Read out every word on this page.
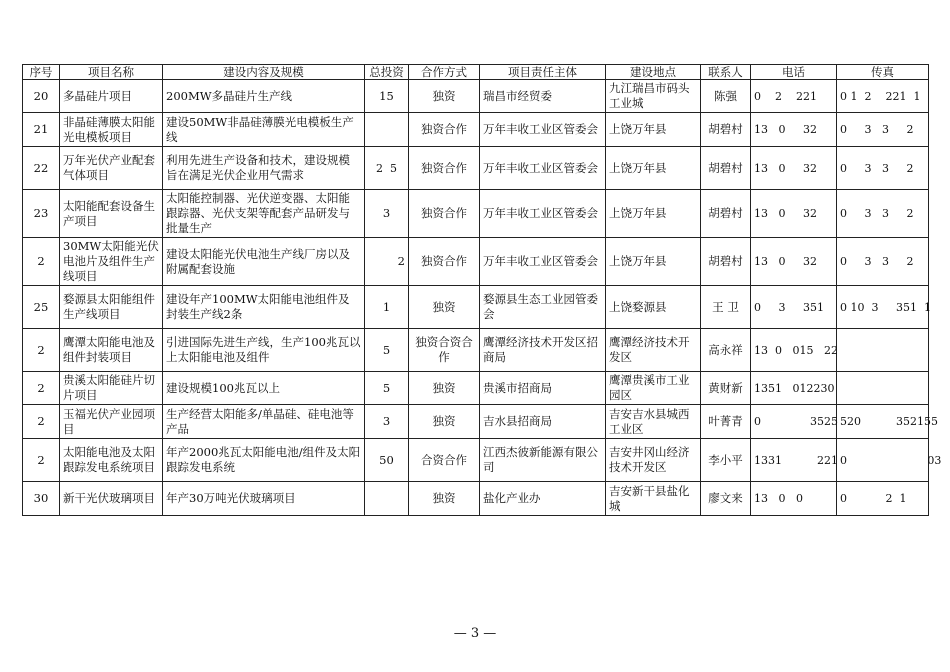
序号	项目名称	建设内容及规模	总投资	合作方式	项目责任主体	建设地点	联系人	电话	传真
20	多晶硅片项目	200MW多晶硅片生产线	15	独资	瑞昌市经贸委	九江瑞昌市码头工业城	陈强	0    2    221	0 1  2    221  1
21	非晶硅薄膜太阳能光电模板项目	建设50MW非晶硅薄膜光电模板生产线		独资合作	万年丰收工业区管委会	上饶万年县	胡碧村	13   0     32	0     3   3     2
22	万年光伏产业配套气体项目	利用先进生产设备和技术，建设规模旨在满足光伏企业用气需求	2  5	独资合作	万年丰收工业区管委会	上饶万年县	胡碧村	13   0     32	0     3   3     2
23	太阳能配套设备生产项目	太阳能控制器、光伏逆变器、太阳能跟踪器、光伏支架等配套产品研发与批量生产	3	独资合作	万年丰收工业区管委会	上饶万年县	胡碧村	13   0     32	0     3   3     2
2	30MW太阳能光伏电池片及组件生产线项目	建设太阳能光伏电池生产线厂房以及附属配套设施	2	独资合作	万年丰收工业区管委会	上饶万年县	胡碧村	13   0     32	0     3   3     2
25	婺源县太阳能组件生产线项目	建设年产100MW太阳能电池组件及封装生产线2条	1	独资	婺源县生态工业园管委会	上饶婺源县	王 卫	0     3     351	0 10  3     351  1
2	鹰潭太阳能电池及组件封装项目	引进国际先进生产线，生产100兆瓦以上太阳能电池及组件	5	独资合资合作	鹰潭经济技术开发区招商局	鹰潭经济技术开发区	高永祥	13  0   015   22	
2	贵溪太阳能硅片切片项目	建设规模100兆瓦以上	5	独资	贵溪市招商局	鹰潭贵溪市工业园区	黄财新	1351   012230	
2	玉福光伏产业园项目	生产经营太阳能多/单晶硅、硅电池等产品	3	独资	吉水县招商局	吉安吉水县城西工业区	叶菁青	0              3525	520          352155
2	太阳能电池及太阳跟踪发电系统项目	年产2000兆瓦太阳能电池/组件及太阳跟踪发电系统	50	合资合作	江西杰彼新能源有限公司	吉安井冈山经济技术开发区	李小平	1331          221	0                       03
30	新干光伏玻璃项目	年产30万吨光伏玻璃项目		独资	盐化产业办	吉安新干县盐化城	廖文来	13   0   0	0           2  1
— 3 —
